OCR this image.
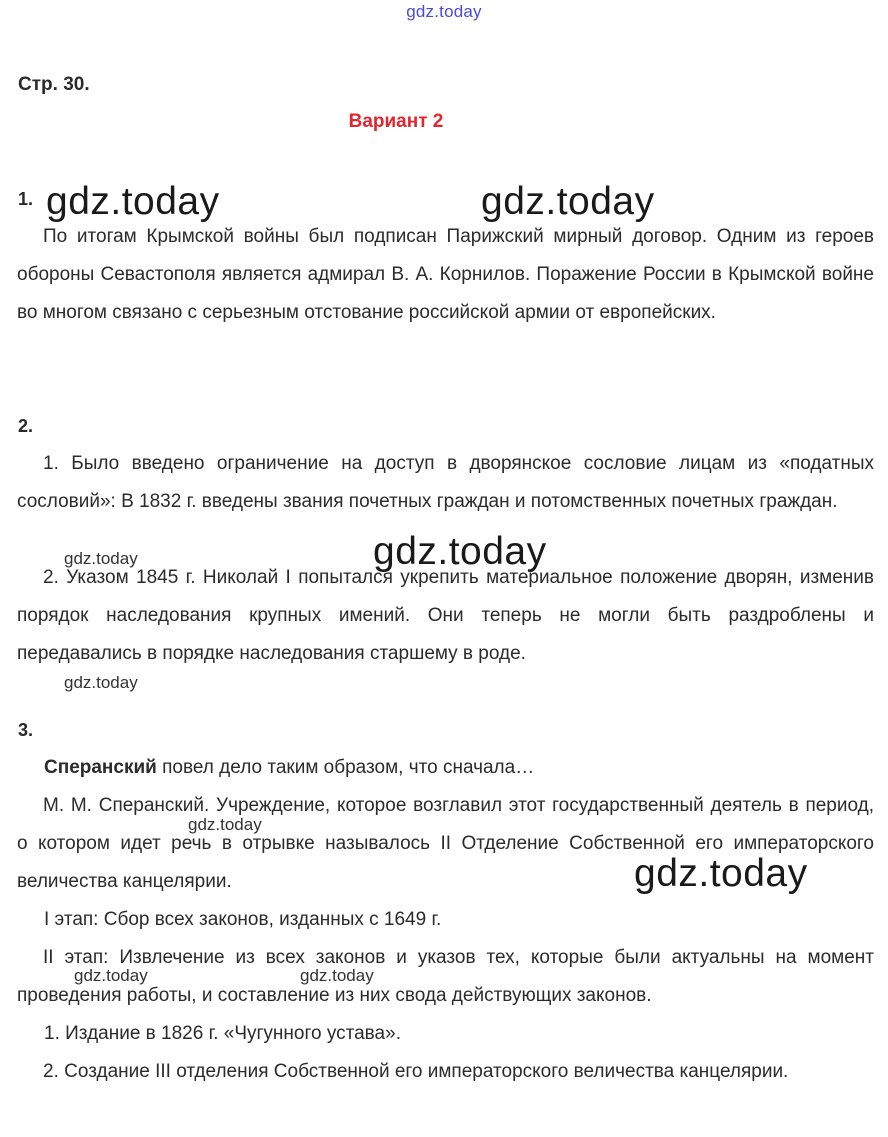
gdz.today
Стр. 30.
Вариант 2
1. gdz.today	gdz.today
По итогам Крымской войны был подписан Парижский мирный договор. Одним из героев обороны Севастополя является адмирал В. А. Корнилов. Поражение России в Крымской войне во многом связано с серьезным отстование российской армии от европейских.
2.
1. Было введено ограничение на доступ в дворянское сословие лицам из «податных сословий»: В 1832 г. введены звания почетных граждан и потомственных почетных граждан.
2. Указом 1845 г. Николай I попытался укрепить материальное положение дворян, изменив порядок наследования крупных имений. Они теперь не могли быть раздроблены и передавались в порядке наследования старшему в роде.
gdz.today	gdz.today
gdz.today
3.
Сперанский повел дело таким образом, что сначала…
М. М. Сперанский. Учреждение, которое возглавил этот государственный деятель в период, о котором идет речь в отрывке называлось II Отделение Собственной его императорского величества канцелярии.
gdz.today
gdz.today
I этап: Сбор всех законов, изданных с 1649 г.
II этап: Извлечение из всех законов и указов тех, которые были актуальны на момент проведения работы, и составление из них свода действующих законов.
gdz.today	gdz.today
1. Издание в 1826 г. «Чугунного устава».
2. Создание III отделения Собственной его императорского величества канцелярии.
